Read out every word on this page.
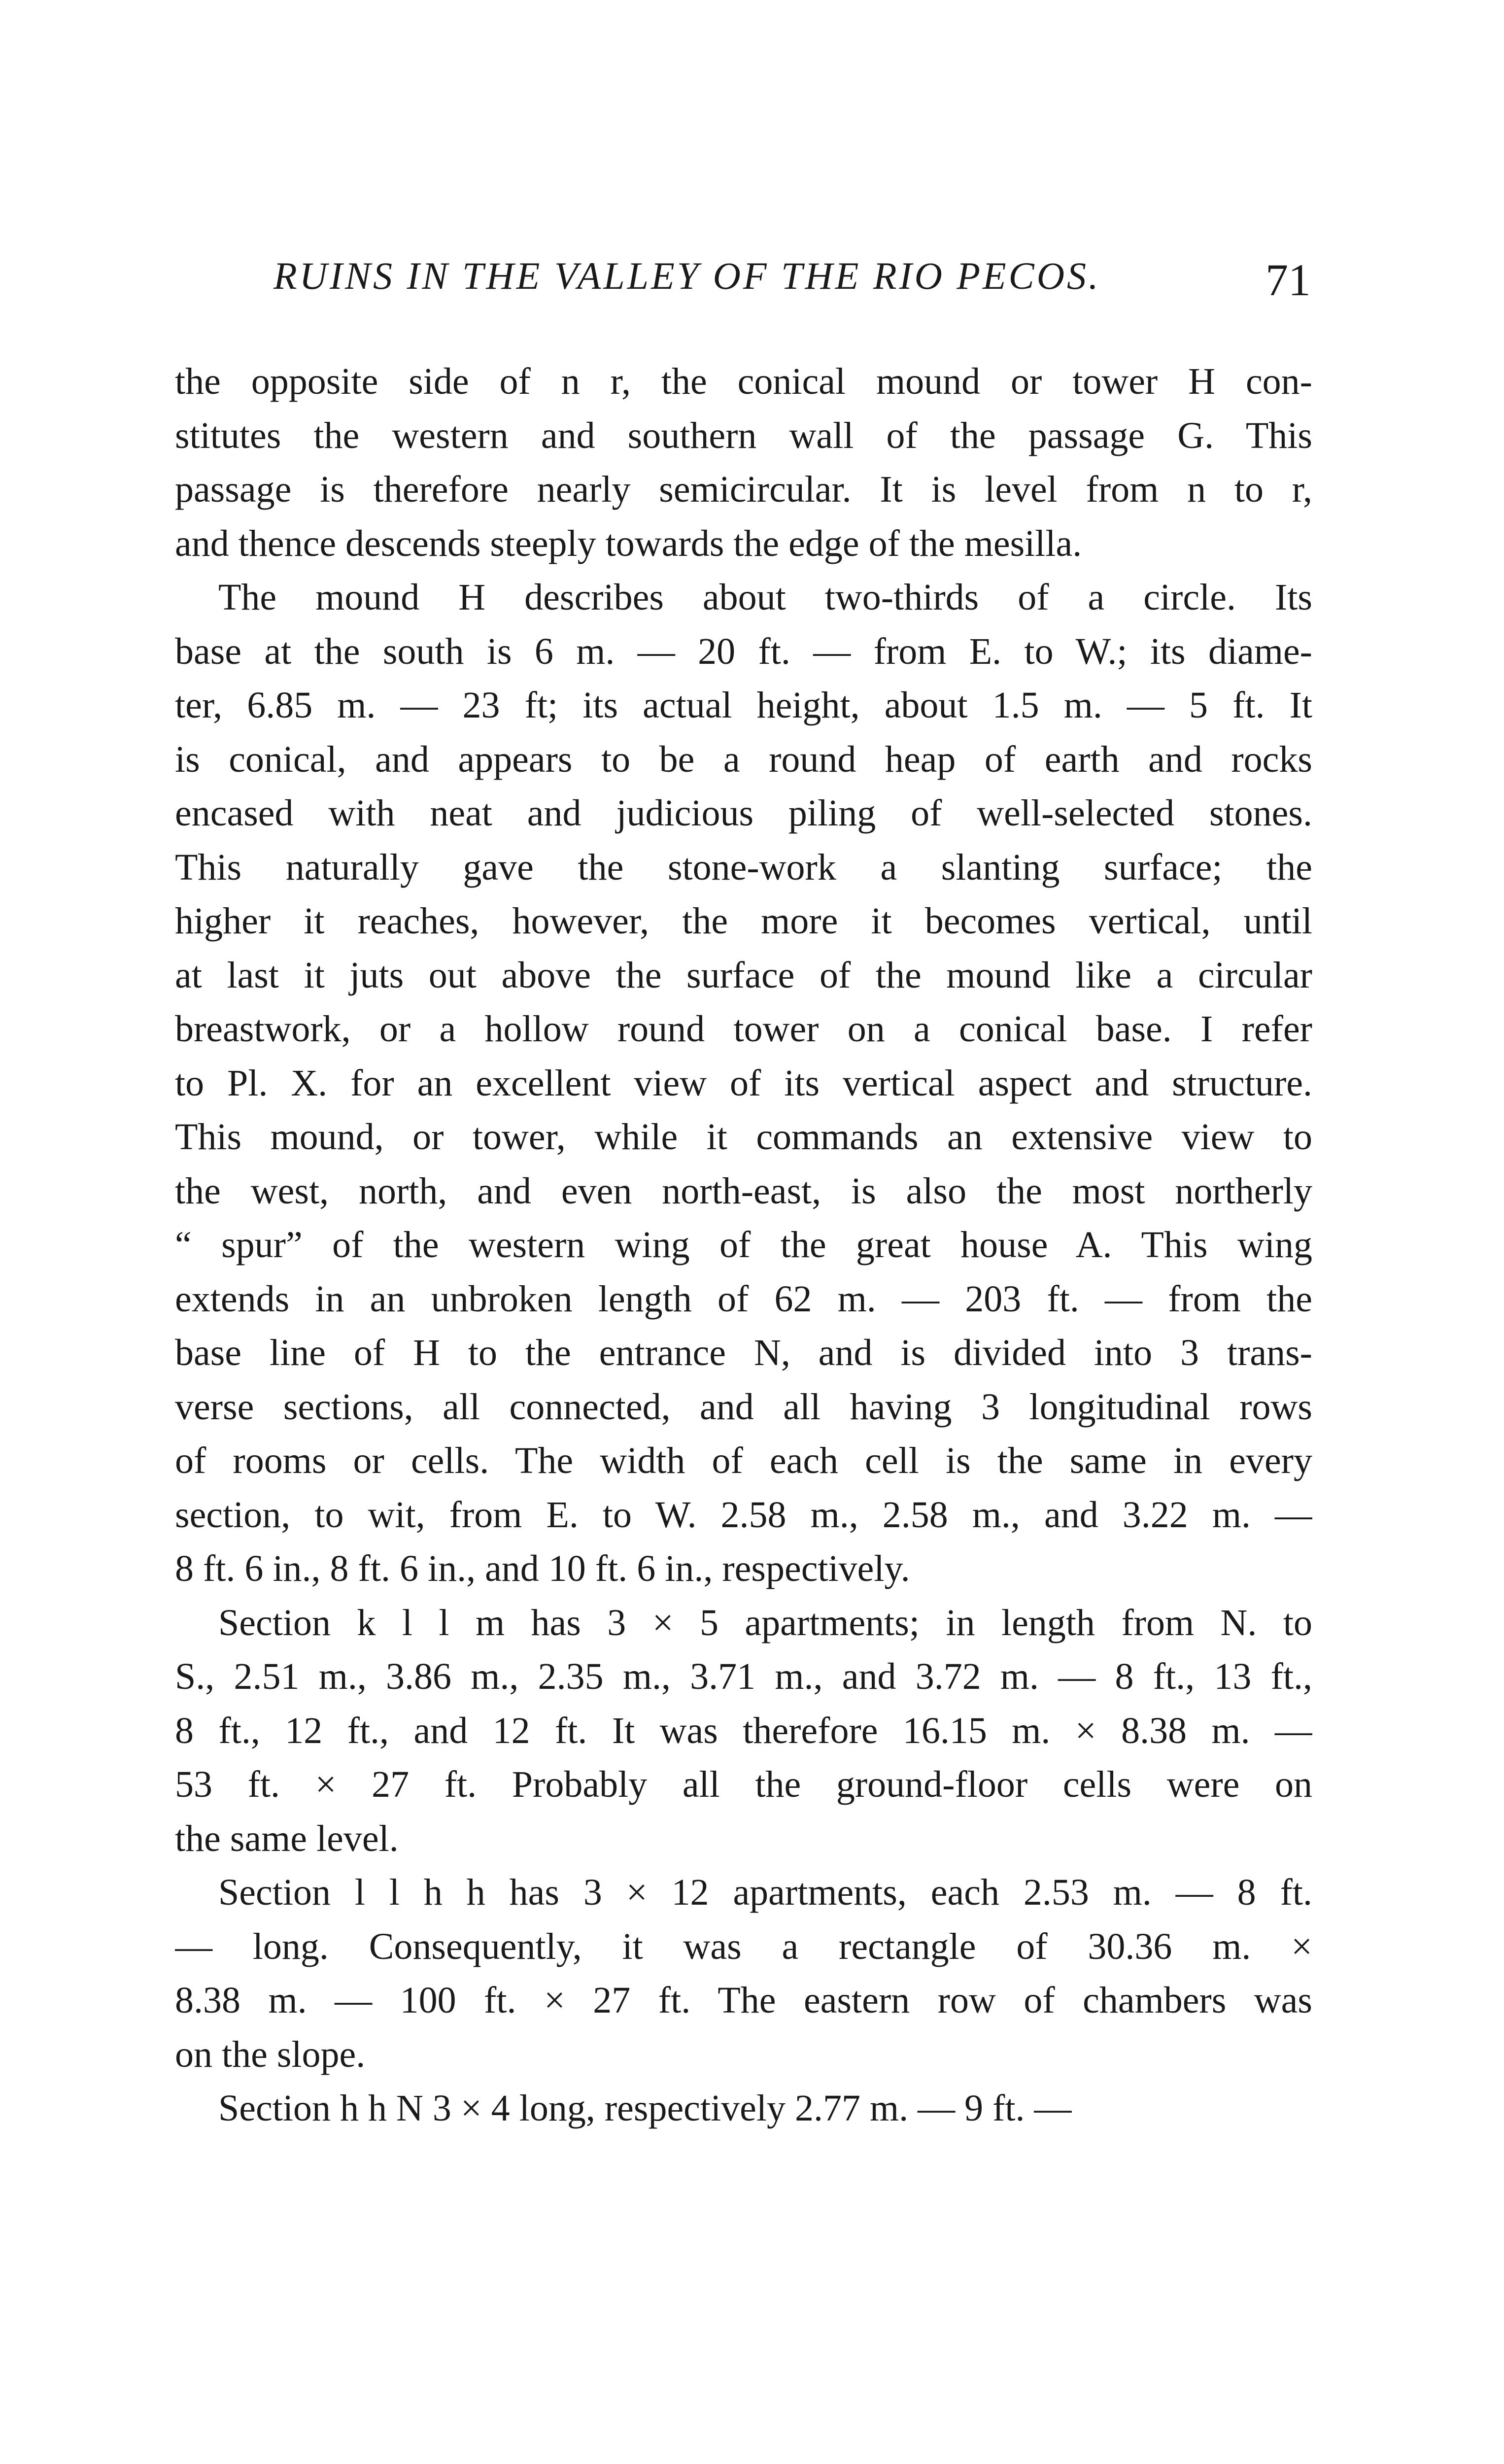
RUINS IN THE VALLEY OF THE RIO PECOS.	71
the opposite side of n r, the conical mound or tower H con-
stitutes the western and southern wall of the passage G. This
passage is therefore nearly semicircular. It is level from n to r,
and thence descends steeply towards the edge of the mesilla.
The mound H describes about two-thirds of a circle. Its
base at the south is 6 m. — 20 ft. — from E. to W.; its diame-
ter, 6.85 m. — 23 ft; its actual height, about 1.5 m. — 5 ft. It
is conical, and appears to be a round heap of earth and rocks
encased with neat and judicious piling of well-selected stones.
This naturally gave the stone-work a slanting surface; the
higher it reaches, however, the more it becomes vertical, until
at last it juts out above the surface of the mound like a circular
breastwork, or a hollow round tower on a conical base. I refer
to Pl. X. for an excellent view of its vertical aspect and structure.
This mound, or tower, while it commands an extensive view to
the west, north, and even north-east, is also the most northerly
“ spur” of the western wing of the great house A. This wing
extends in an unbroken length of 62 m. — 203 ft. — from the
base line of H to the entrance N, and is divided into 3 trans-
verse sections, all connected, and all having 3 longitudinal rows
of rooms or cells. The width of each cell is the same in every
section, to wit, from E. to W. 2.58 m., 2.58 m., and 3.22 m. —
8 ft. 6 in., 8 ft. 6 in., and 10 ft. 6 in., respectively.
Section k l l m has 3 × 5 apartments; in length from N. to
S., 2.51 m., 3.86 m., 2.35 m., 3.71 m., and 3.72 m. — 8 ft., 13 ft.,
8 ft., 12 ft., and 12 ft. It was therefore 16.15 m. × 8.38 m. —
53 ft. × 27 ft. Probably all the ground-floor cells were on
the same level.
Section l l h h has 3 × 12 apartments, each 2.53 m. — 8 ft.
— long. Consequently, it was a rectangle of 30.36 m. ×
8.38 m. — 100 ft. × 27 ft. The eastern row of chambers was
on the slope.
Section h h N 3 × 4 long, respectively 2.77 m. — 9 ft. —
